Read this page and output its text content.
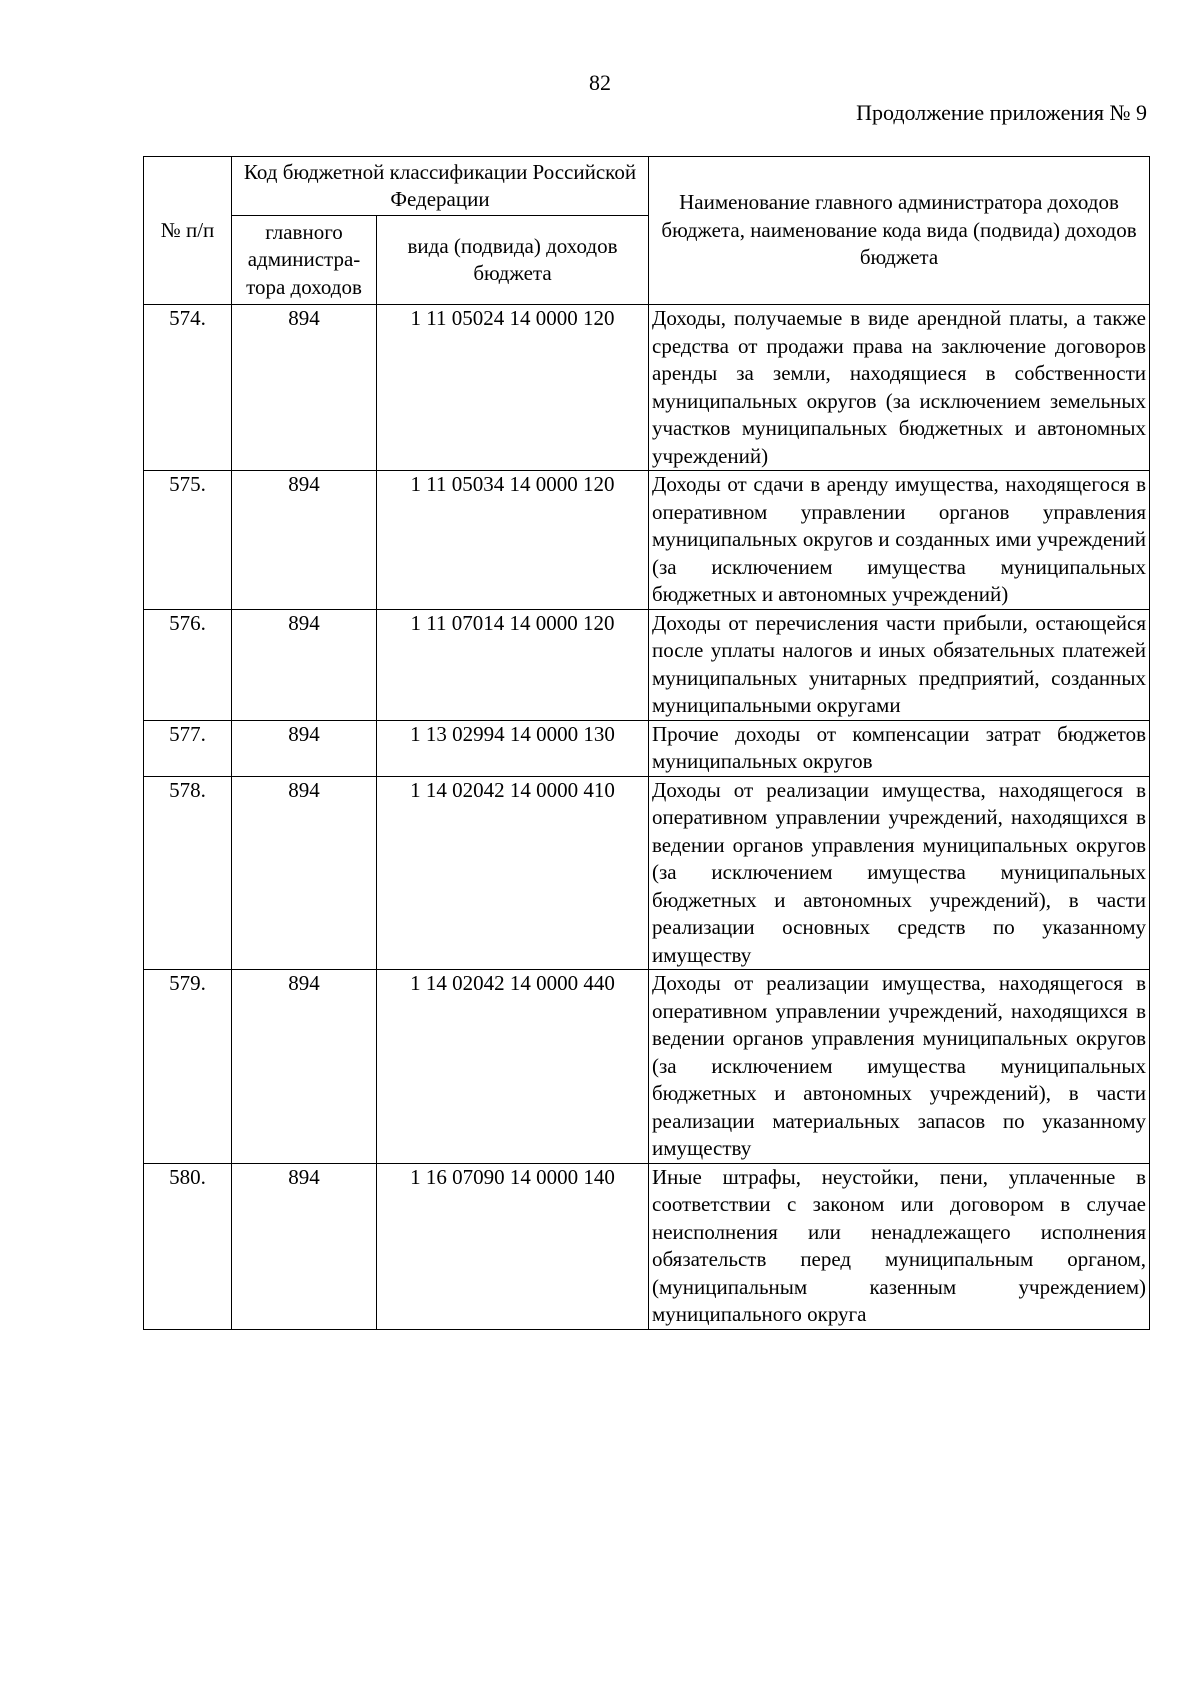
82
Продолжение приложения № 9
№ п/п	Код бюджетной классификации Российской Федерации		Наименование главного администратора доходов бюджета, наименование кода вида (подвида) доходов бюджета
	главного администра-тора доходов	вида (подвида) доходов бюджета	
574.	894	1 11 05024 14 0000 120	Доходы, получаемые в виде арендной платы, а также средства от продажи права на заключение договоров аренды за земли, находящиеся в собственности муниципальных округов (за исключением земельных участков муниципальных бюджетных и автономных учреждений)
575.	894	1 11 05034 14 0000 120	Доходы от сдачи в аренду имущества, находящегося в оперативном управлении органов управления муниципальных округов и созданных ими учреждений (за исключением имущества муниципальных бюджетных и автономных учреждений)
576.	894	1 11 07014 14 0000 120	Доходы от перечисления части прибыли, остающейся после уплаты налогов и иных обязательных платежей муниципальных унитарных предприятий, созданных муниципальными округами
577.	894	1 13 02994 14 0000 130	Прочие доходы от компенсации затрат бюджетов муниципальных округов
578.	894	1 14 02042 14 0000 410	Доходы от реализации имущества, находящегося в оперативном управлении учреждений, находящихся в ведении органов управления муниципальных округов (за исключением имущества муниципальных бюджетных и автономных учреждений), в части реализации основных средств по указанному имуществу
579.	894	1 14 02042 14 0000 440	Доходы от реализации имущества, находящегося в оперативном управлении учреждений, находящихся в ведении органов управления муниципальных округов (за исключением имущества муниципальных бюджетных и автономных учреждений), в части реализации материальных запасов по указанному имуществу
580.	894	1 16 07090 14 0000 140	Иные штрафы, неустойки, пени, уплаченные в соответствии с законом или договором в случае неисполнения или ненадлежащего исполнения обязательств перед муниципальным органом, (муниципальным казенным учреждением) муниципального округа
